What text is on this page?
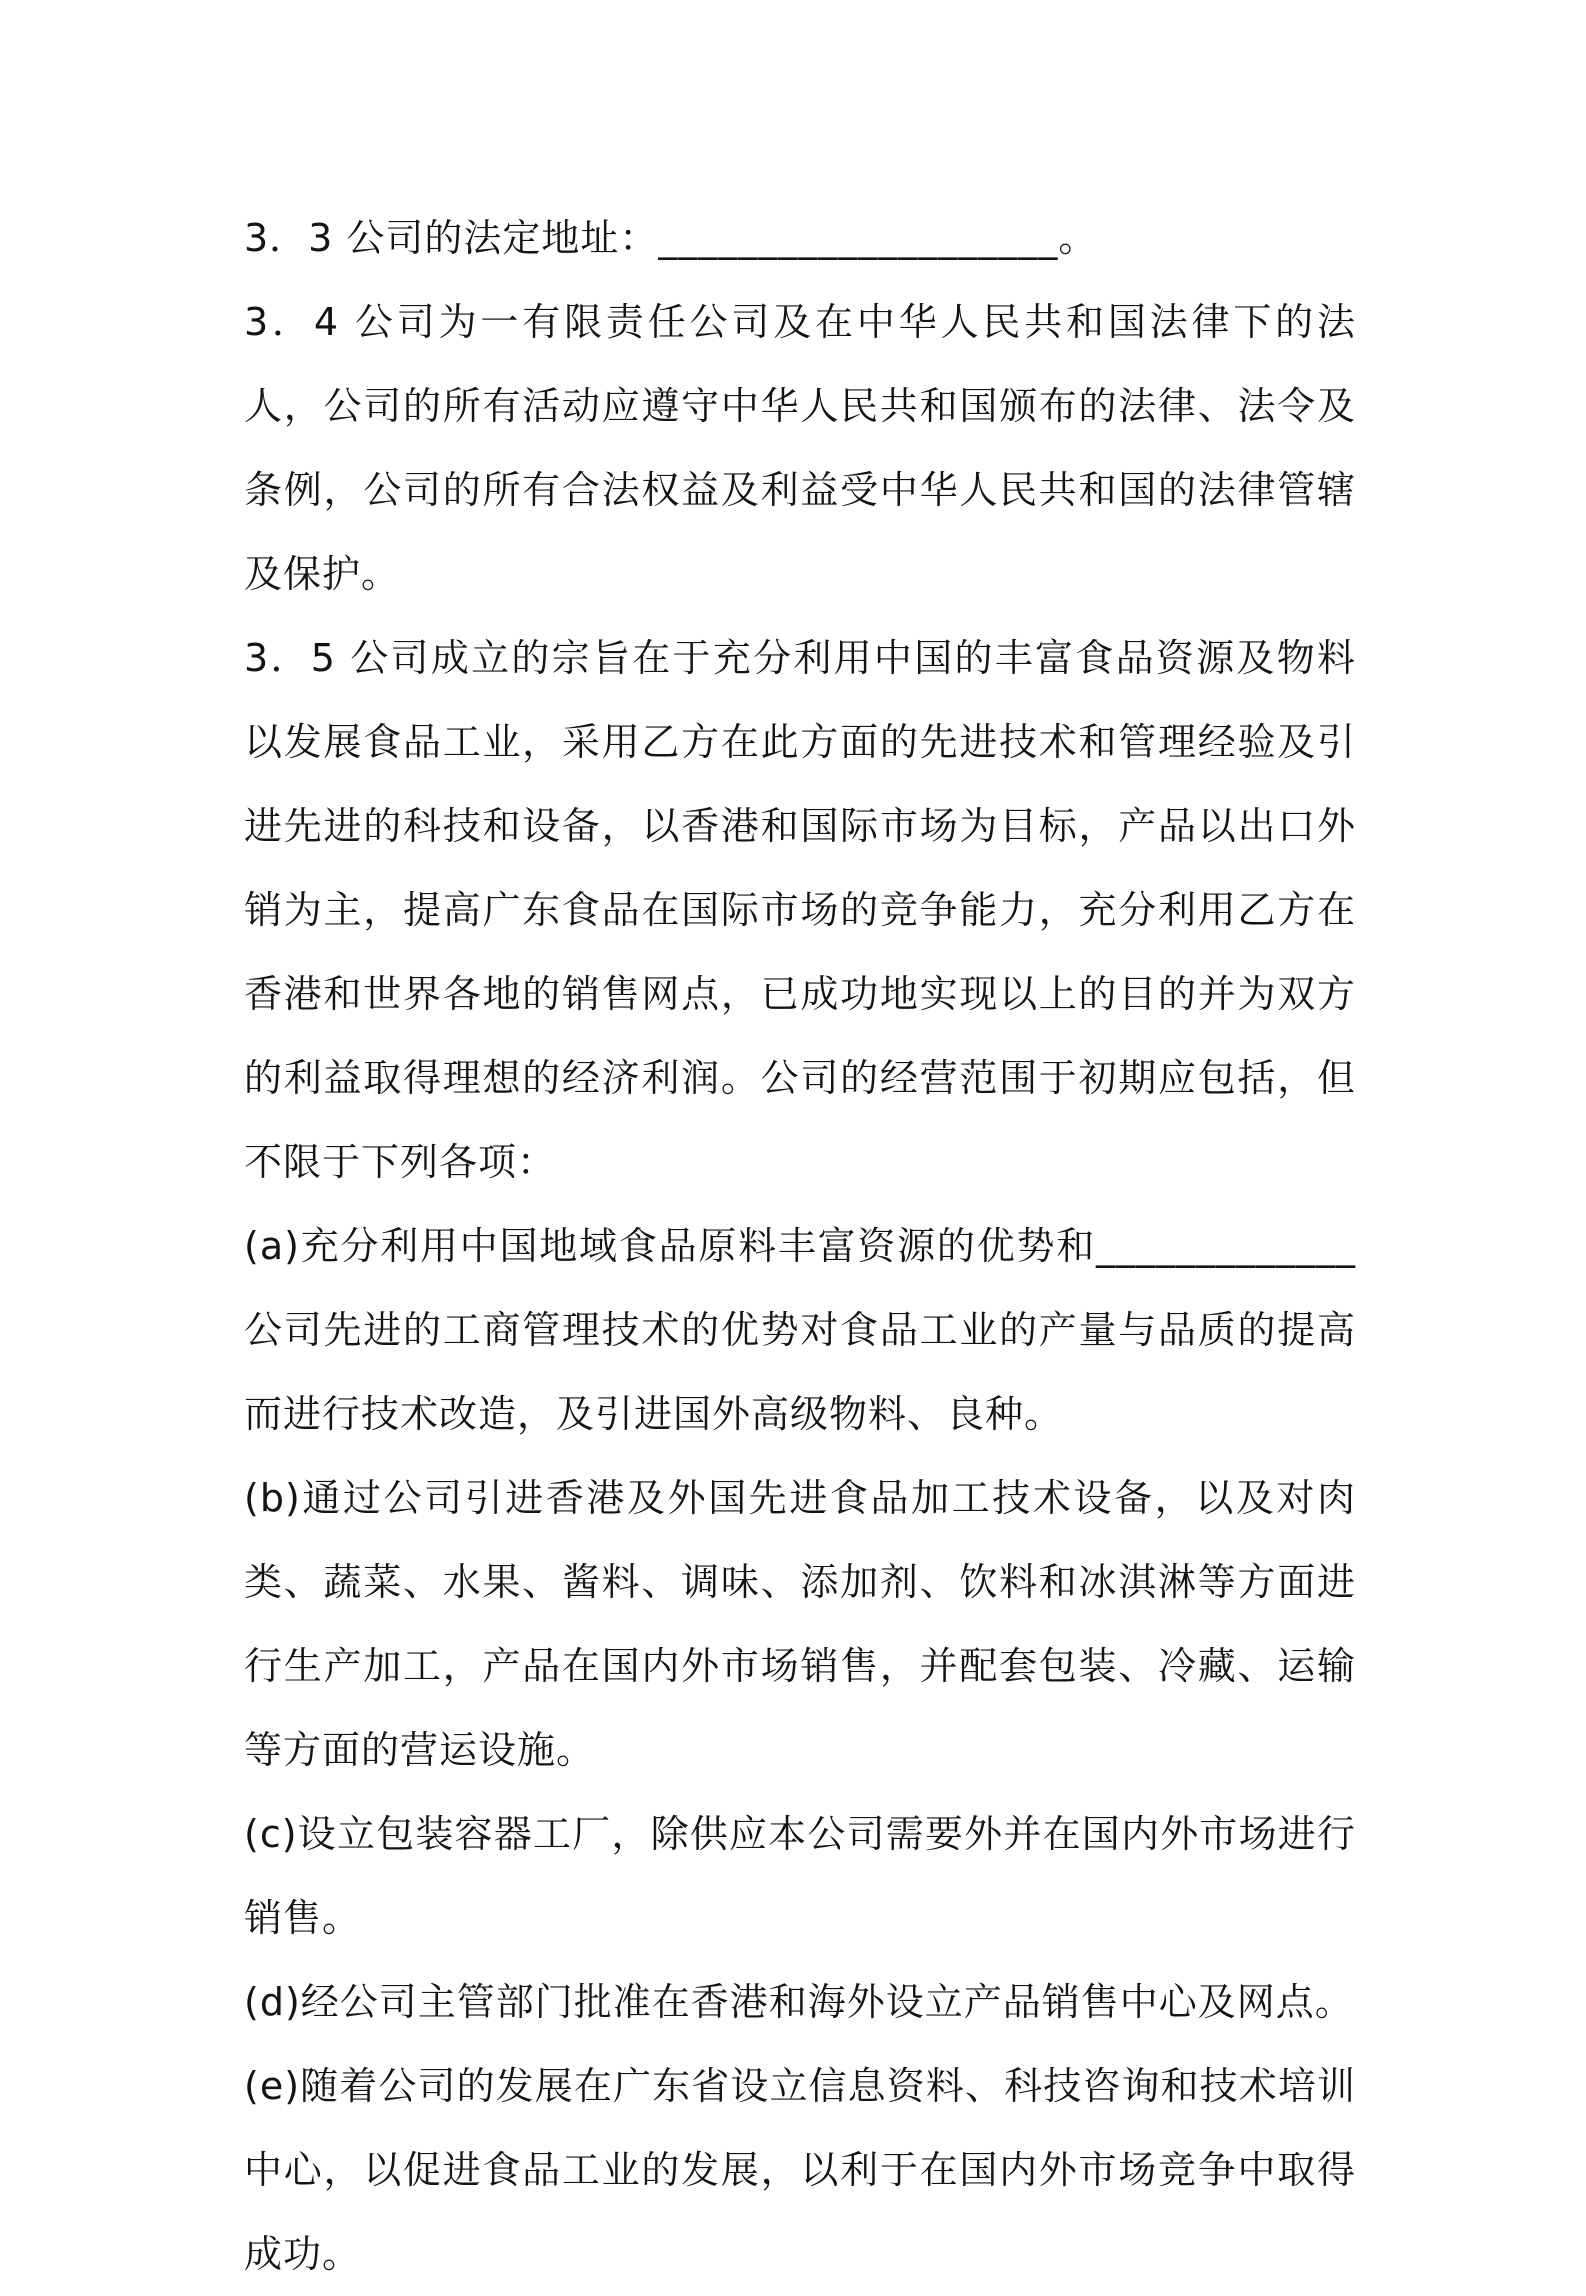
3．3 公司的法定地址：____________________。

3．4 公司为一有限责任公司及在中华人民共和国法律下的法人，公司的所有活动应遵守中华人民共和国颁布的法律、法令及条例，公司的所有合法权益及利益受中华人民共和国的法律管辖及保护。

3．5 公司成立的宗旨在于充分利用中国的丰富食品资源及物料以发展食品工业，采用乙方在此方面的先进技术和管理经验及引进先进的科技和设备，以香港和国际市场为目标，产品以出口外销为主，提高广东食品在国际市场的竞争能力，充分利用乙方在香港和世界各地的销售网点，已成功地实现以上的目的并为双方的利益取得理想的经济利润。公司的经营范围于初期应包括，但不限于下列各项：

(a)充分利用中国地域食品原料丰富资源的优势和_____________公司先进的工商管理技术的优势对食品工业的产量与品质的提高而进行技术改造，及引进国外高级物料、良种。

(b)通过公司引进香港及外国先进食品加工技术设备，以及对肉类、蔬菜、水果、酱料、调味、添加剂、饮料和冰淇淋等方面进行生产加工，产品在国内外市场销售，并配套包装、冷藏、运输等方面的营运设施。

(c)设立包装容器工厂，除供应本公司需要外并在国内外市场进行销售。

(d)经公司主管部门批准在香港和海外设立产品销售中心及网点。

(e)随着公司的发展在广东省设立信息资料、科技咨询和技术培训中心，以促进食品工业的发展，以利于在国内外市场竞争中取得成功。
